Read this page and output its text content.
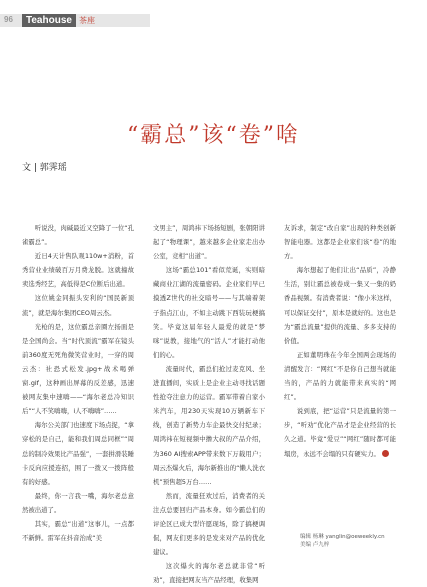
96	Teahouse 茶座
“霸总”该“卷”啥
文 | 郭霁瑶

听说没，肉碱最近又空降了一位“孔雀霸总”。

近日4天计售队观110w+消粉，首秀营业业绩破百万月费龙脱。这就撞故卖选秀经艺，高低得是C位断后出道。

这位姚金同振头安利的“国民新顶流”，就是海尔集团CEO周云杰。

光枪的是，这位霸总亲圈左扬面是是全国尚会。当“时代顶流”霸军在镜头前360度无死角微笑营业时，一穿的周云杰：社恐式松发.jpg+战术喝弹窗.gif，这种画出屏幕的反差感，迅速被网友集中速嗨——“海尔老总冷知识后”“人不笑嗨嗨，i人不嗨嗨”……

海尔公关部门也速度下场点捉，“拿穿松的是自己，能和我们周总同框”“周总的制冷效果比产品强”，一套拼滑装睡卡反向应援连招，围了一拨又一拨阵般有的好感。

最终，你一言我一嘴，海尔老总意然被出道了。

其实，霸总“出道”这事儿，一点都不新鲜。雷军在抖音治成“美

文男主”，周鸿祎下场扬短剧，张朝阳讲起了“物理课”，越来越多企业家走出办公室，竞相“出道”。

这场“霸总101”看似荒诞，实则暗藏商业江湖的流量密码。企业家们早已摸透Z世代的社交暗号——与其端着架子指点江山，不如主动跳下西装玩梗搞笑。毕竟这届年轻人最爱的就是“梦咪”说教，接地气的“活人”才能打动他们的心。

流量时代，霸总们抢过麦克风、坐进直播间，实质上是企业主动寻找话题性抢夺注意力的运营。霸军带着自家小米汽车，用230天实现10万辆新车下线，创造了新势力车企最快交付纪录；周鸿祎在短视频中撸大叔的产品介绍，为360 AI搜索APP带来数下万载用户；周云杰爆火后，海尔新推出的“懒人洗衣机”预售超5万台……

然而，流量狂欢过后，消费者的关注点总要回归产品本身。如今霸总们的评论区已成大型许愿现场，除了搞梗调侃，网友们更多的是发来对产品的优化建议。

这次爆火的海尔老总就非常“听劝”，直接把网友当产品经理，收集网

友诉求，制定“改自家”出现的种类创新智能电器。这都是企业家们该“卷”的地方。

海尔想起了他们让出“品质”，冷静生活，别让霸总被卷成一集又一集的奶香品视频。有消费者说：“像小米这样，可以保证交付”，原本是就好的。这也是为“霸总流量”提供的流量、多多支持的价值。

正如董明珠在今年全国两会现场的清醒发言：“网红”不是你自己想当就能当的，产品的力就能带来真实的“网红”。

说到底，把“运营”只是流量的第一步，“听劝”优化产品才是企业经营的长久之道。毕竟“爱豆”“网红”随时都可能塌房，永远不会塌的只有硬实力。

编辑 杨琳 yanglin@oeweekly.cn
美编 卢九梓
